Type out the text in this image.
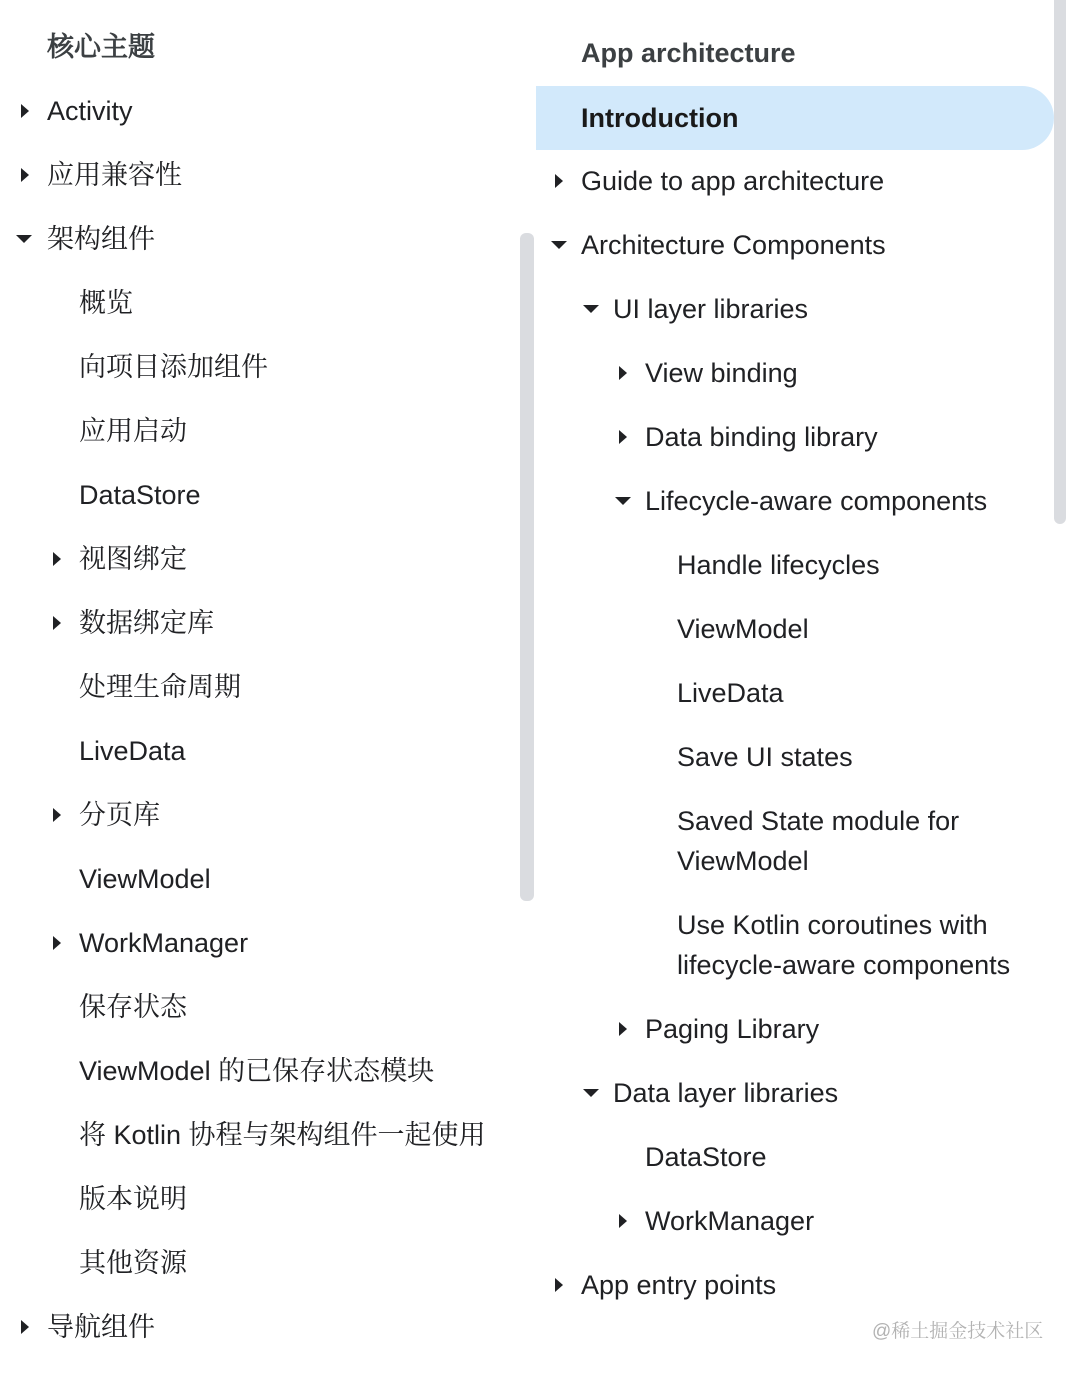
核心主题
Activity
应用兼容性
架构组件
概览
向项目添加组件
应用启动
DataStore
视图绑定
数据绑定库
处理生命周期
LiveData
分页库
ViewModel
WorkManager
保存状态
ViewModel 的已保存状态模块
将 Kotlin 协程与架构组件一起使用
版本说明
其他资源
导航组件
App architecture
Introduction
Guide to app architecture
Architecture Components
UI layer libraries
View binding
Data binding library
Lifecycle-aware components
Handle lifecycles
ViewModel
LiveData
Save UI states
Saved State module for ViewModel
Use Kotlin coroutines with lifecycle-aware components
Paging Library
Data layer libraries
DataStore
WorkManager
App entry points
@稀土掘金技术社区
